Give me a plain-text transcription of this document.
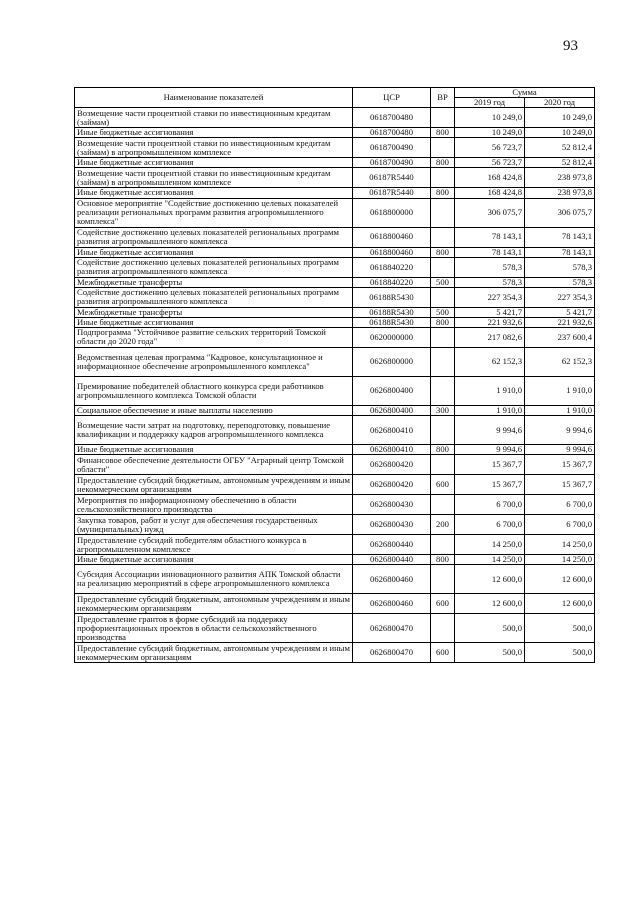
93
Наименование показателей	ЦСР	ВР	Сумма	
			2019 год	2020 год
Возмещение части процентной ставки по инвестиционным кредитам (займам)	0618700480		10 249,0	10 249,0
Иные бюджетные ассигнования	0618700480	800	10 249,0	10 249,0
Возмещение части процентной ставки по инвестиционным кредитам (займам) в агропромышленном комплексе	0618700490		56 723,7	52 812,4
Иные бюджетные ассигнования	0618700490	800	56 723,7	52 812,4
Возмещение части процентной ставки по инвестиционным кредитам (займам) в агропромышленном комплексе	06187R5440		168 424,8	238 973,8
Иные бюджетные ассигнования	06187R5440	800	168 424,8	238 973,8
Основное мероприятие "Содействие достижению целевых показателей реализации региональных программ развития агропромышленного комплекса"	0618800000		306 075,7	306 075,7
Содействие достижению целевых показателей региональных программ развития агропромышленного комплекса	0618800460		78 143,1	78 143,1
Иные бюджетные ассигнования	0618800460	800	78 143,1	78 143,1
Содействие достижению целевых показателей региональных программ развития агропромышленного комплекса	0618840220		578,3	578,3
Межбюджетные трансферты	0618840220	500	578,3	578,3
Содействие достижению целевых показателей региональных программ развития агропромышленного комплекса	06188R5430		227 354,3	227 354,3
Межбюджетные трансферты	06188R5430	500	5 421,7	5 421,7
Иные бюджетные ассигнования	06188R5430	800	221 932,6	221 932,6
Подпрограмма "Устойчивое развитие сельских территорий Томской области до 2020 года"	0620000000		217 082,6	237 600,4
Ведомственная целевая программа "Кадровое, консультационное и информационное обеспечение агропромышленного комплекса"	0626800000		62 152,3	62 152,3
Премирование победителей областного конкурса среди работников агропромышленного комплекса Томской области	0626800400		1 910,0	1 910,0
Социальное обеспечение и иные выплаты населению	0626800400	300	1 910,0	1 910,0
Возмещение части затрат на подготовку, переподготовку, повышение квалификации и поддержку кадров агропромышленного комплекса	0626800410		9 994,6	9 994,6
Иные бюджетные ассигнования	0626800410	800	9 994,6	9 994,6
Финансовое обеспечение деятельности ОГБУ "Аграрный центр Томской области"	0626800420		15 367,7	15 367,7
Предоставление субсидий бюджетным, автономным учреждениям и иным некоммерческим организациям	0626800420	600	15 367,7	15 367,7
Мероприятия по информационному обеспечению в области сельскохозяйственного производства	0626800430		6 700,0	6 700,0
Закупка товаров, работ и услуг для обеспечения государственных (муниципальных) нужд	0626800430	200	6 700,0	6 700,0
Предоставление субсидий победителям областного конкурса в агропромышленном комплексе	0626800440		14 250,0	14 250,0
Иные бюджетные ассигнования	0626800440	800	14 250,0	14 250,0
Субсидия Ассоциации инновационного развития АПК Томской области на реализацию мероприятий в сфере агропромышленного комплекса	0626800460		12 600,0	12 600,0
Предоставление субсидий бюджетным, автономным учреждениям и иным некоммерческим организациям	0626800460	600	12 600,0	12 600,0
Предоставление грантов в форме субсидий на поддержку профориентационных проектов в области сельскохозяйственного производства	0626800470		500,0	500,0
Предоставление субсидий бюджетным, автономным учреждениям и иным некоммерческим организациям	0626800470	600	500,0	500,0
